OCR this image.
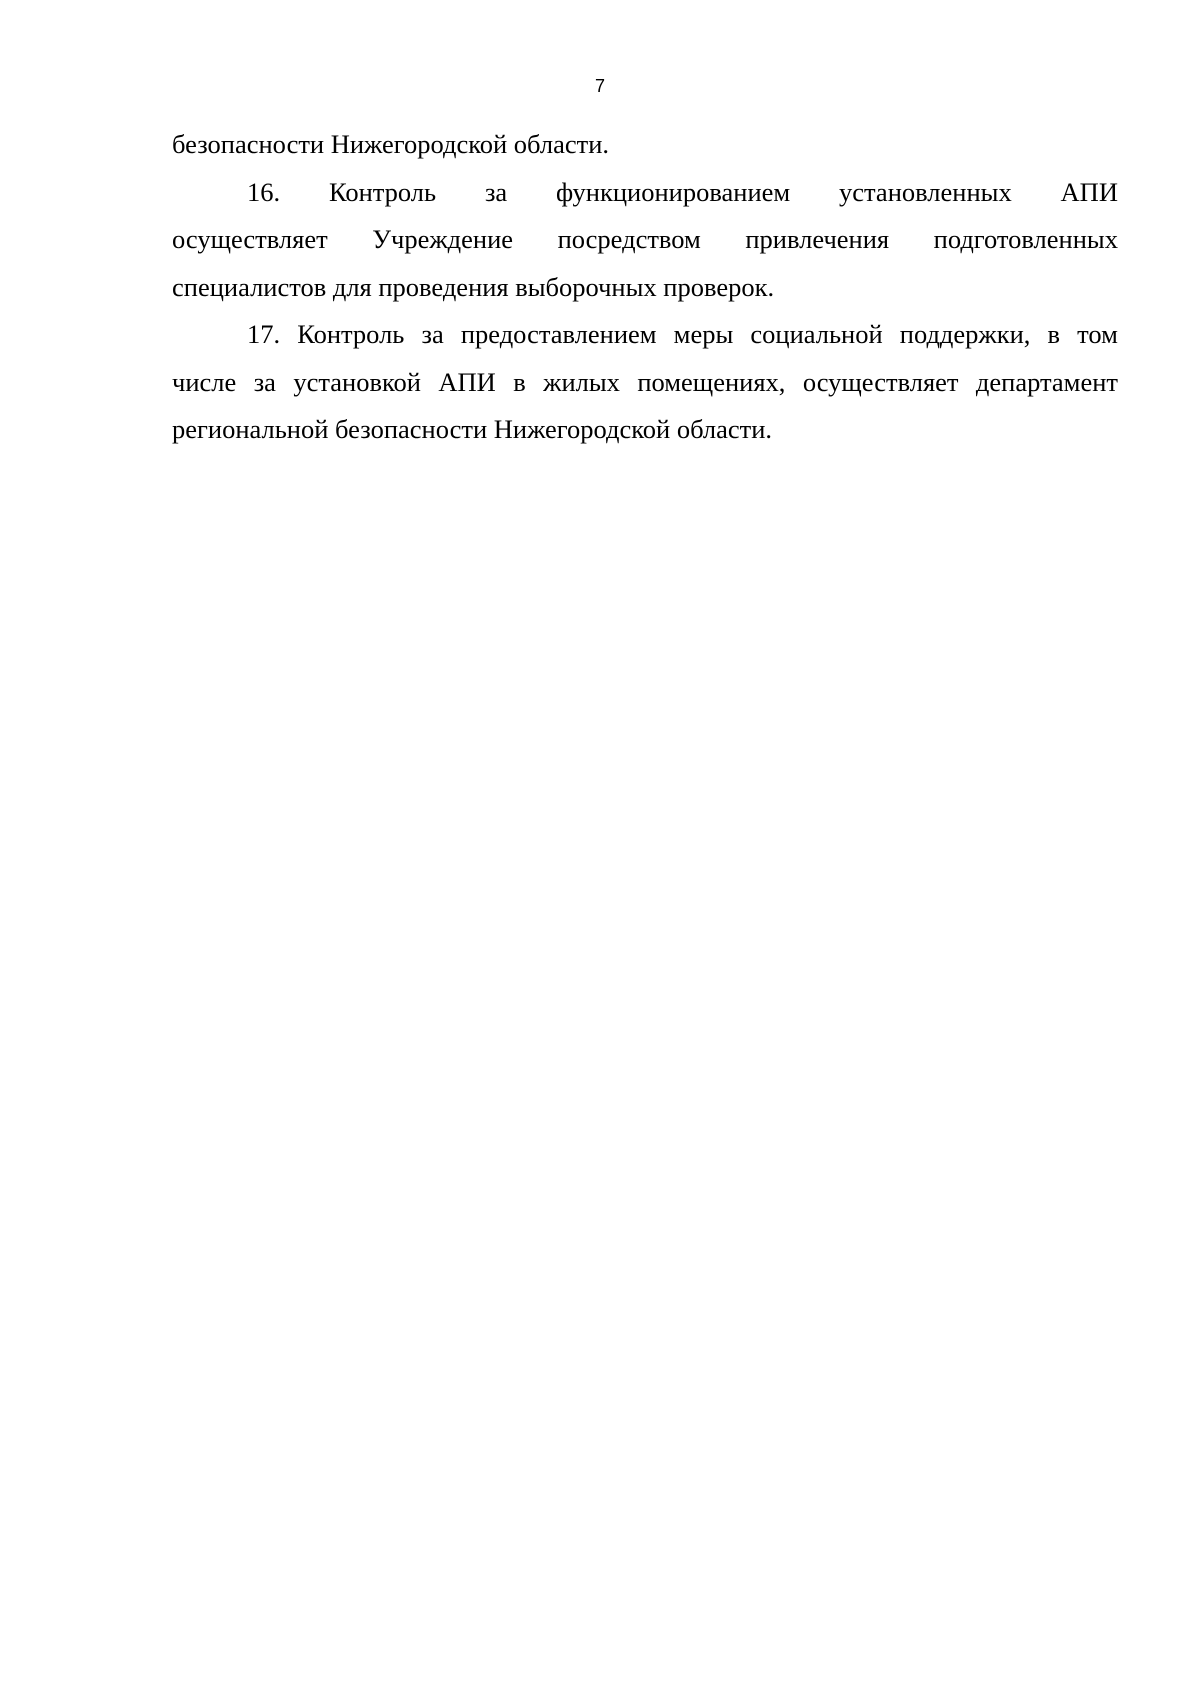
7
безопасности Нижегородской области.
16. Контроль за функционированием установленных АПИ
осуществляет Учреждение посредством привлечения подготовленных
специалистов для проведения выборочных проверок.
17. Контроль за предоставлением меры социальной поддержки, в том
числе за установкой АПИ в жилых помещениях, осуществляет департамент
региональной безопасности Нижегородской области.
